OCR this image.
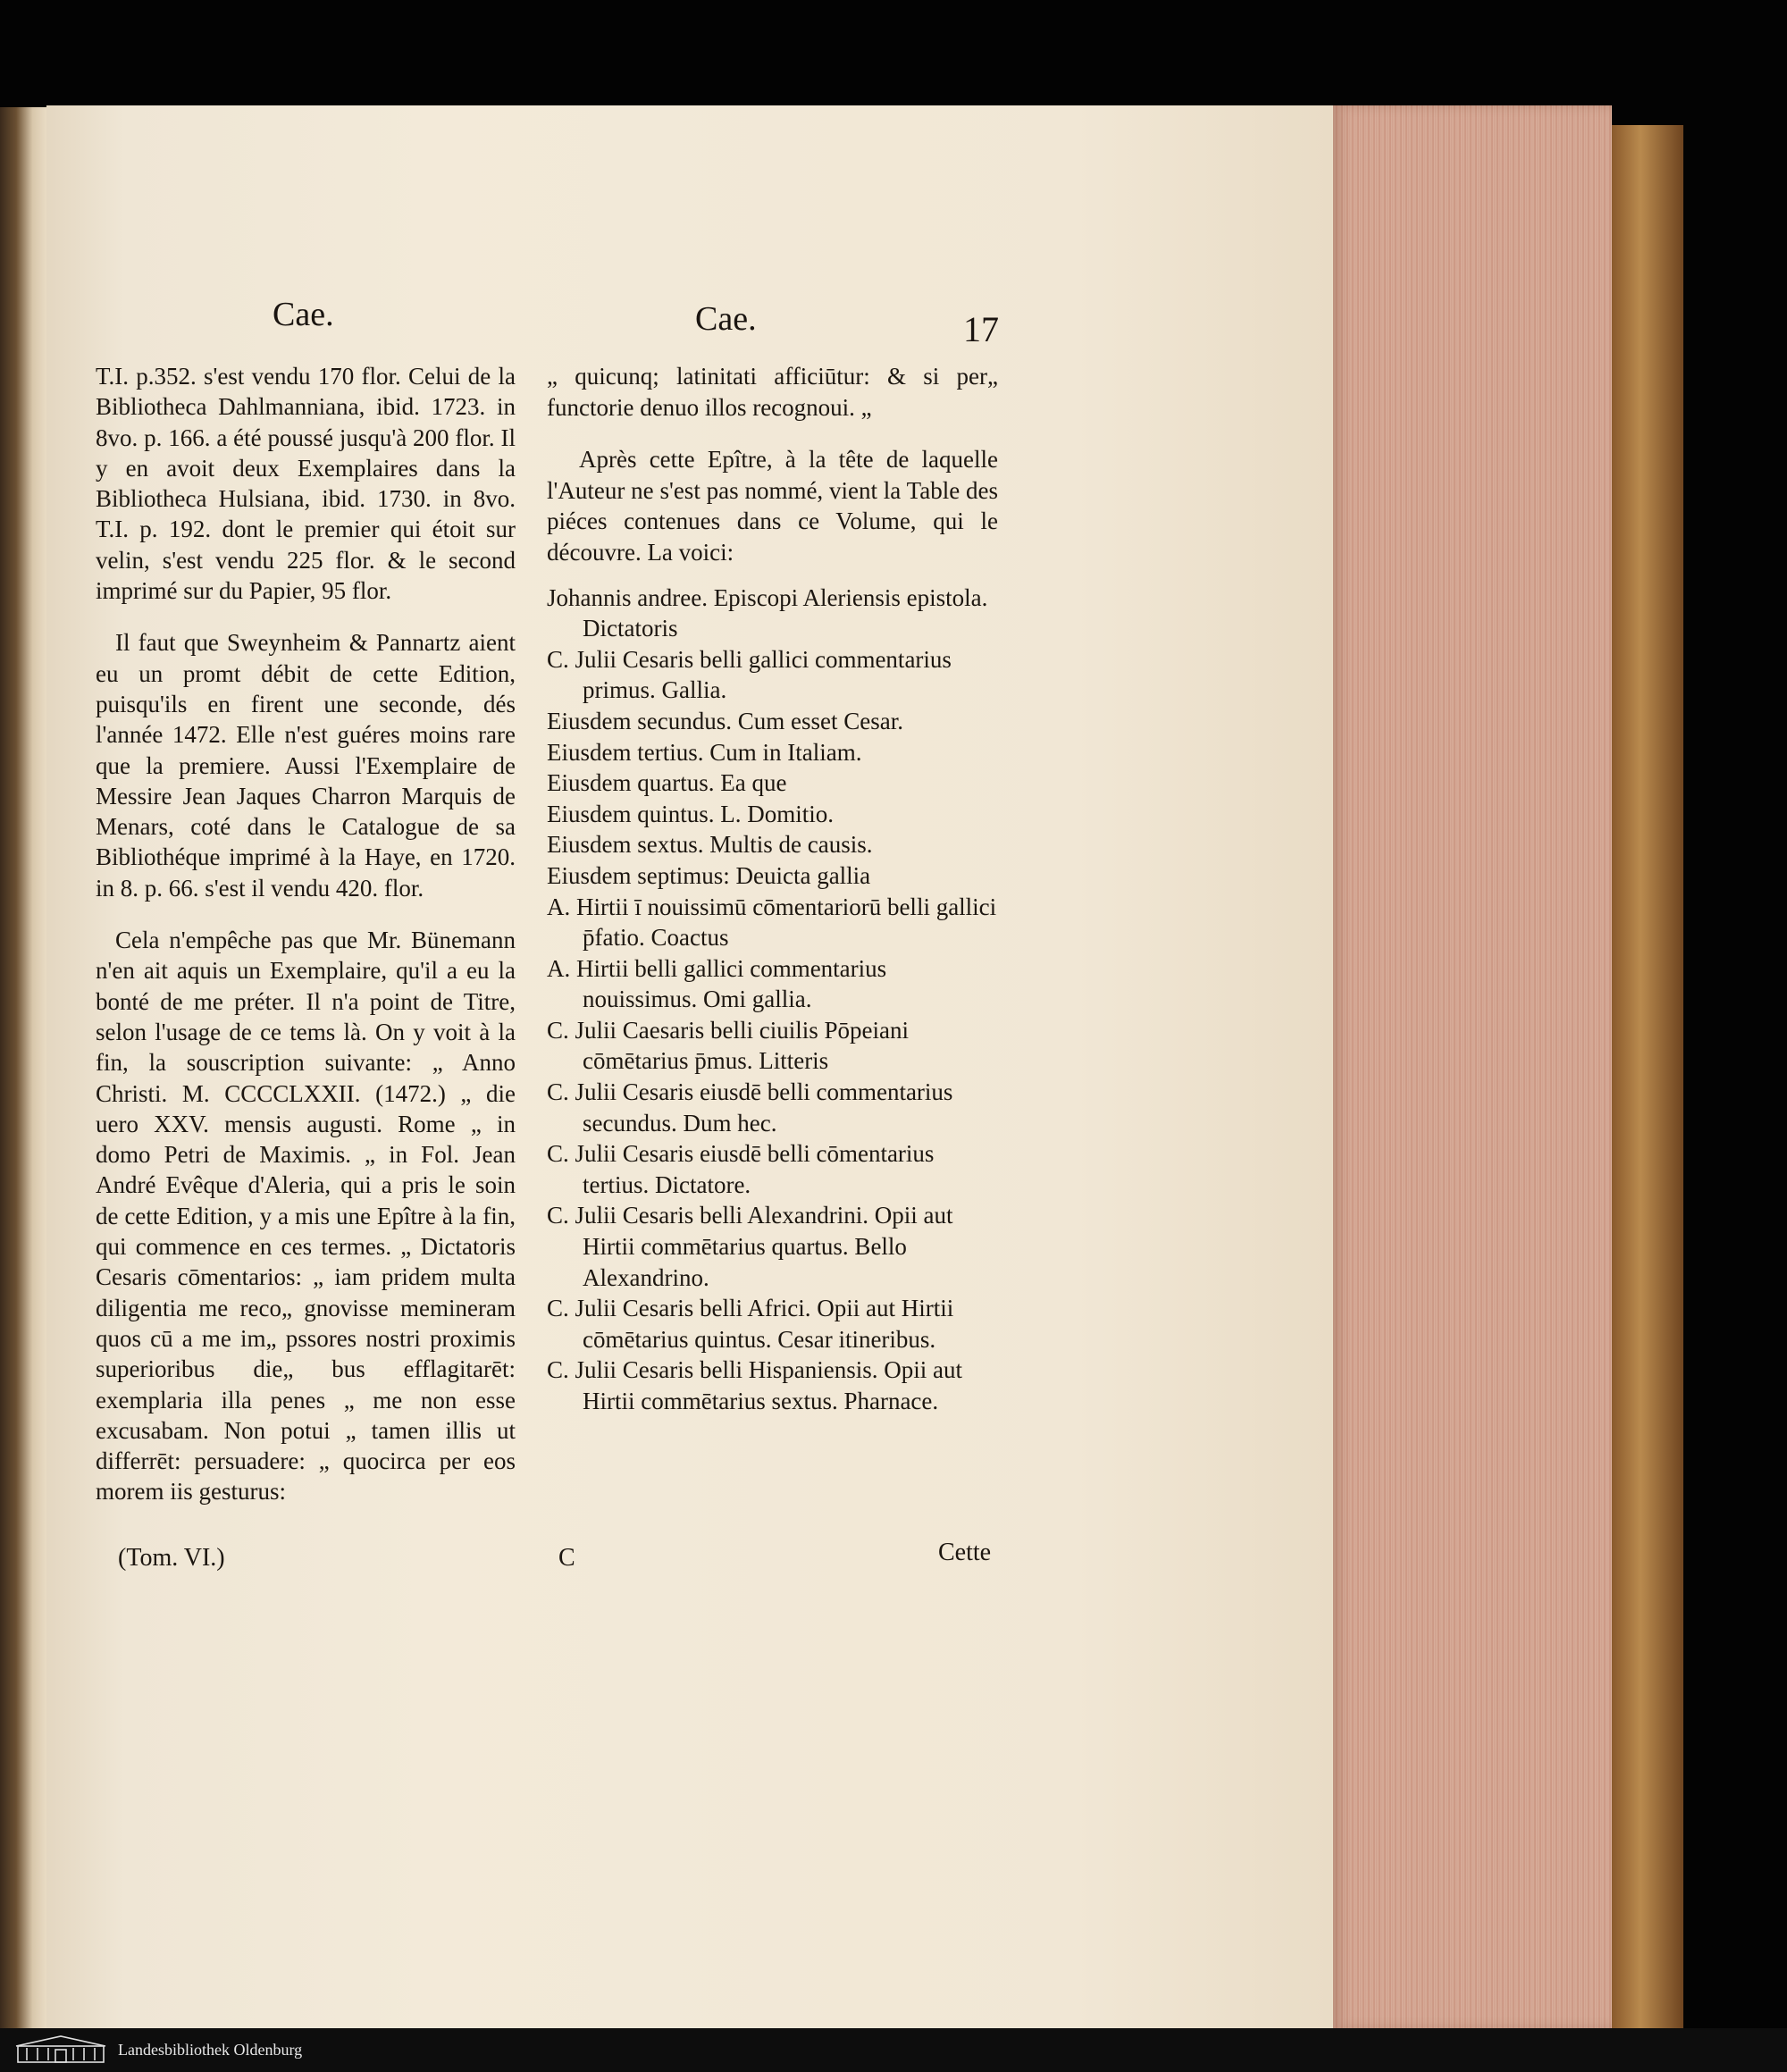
Cae.	Cae.	17

T.I. p.352. s'est vendu 170 flor. Celui de la Bibliotheca Dahlmanniana, ibid. 1723. in 8vo. p. 166. a été poussé jusqu'à 200 flor. Il y en avoit deux Exemplaires dans la Bibliotheca Hulsiana, ibid. 1730. in 8vo. T.I. p. 192. dont le premier qui étoit sur velin, s'est vendu 225 flor. & le second imprimé sur du Papier, 95 flor.

Il faut que Sweynheim & Pannartz aient eu un promt débit de cette Edition, puisqu'ils en firent une seconde, dés l'année 1472. Elle n'est guéres moins rare que la premiere. Aussi l'Exemplaire de Messire Jean Jaques Charron Marquis de Menars, coté dans le Catalogue de sa Bibliothéque imprimé à la Haye, en 1720. in 8. p. 66. s'est il vendu 420. flor.

Cela n'empêche pas que Mr. Bünemann n'en ait aquis un Exemplaire, qu'il a eu la bonté de me préter. Il n'a point de Titre, selon l'usage de ce tems là. On y voit à la fin, la souscription suivante: „ Anno Christi. M. CCCCLXXII. (1472.) „ die uero XXV. mensis augusti. Rome „ in domo Petri de Maximis. „ in Fol. Jean André Evêque d'Aleria, qui a pris le soin de cette Edition, y a mis une Epître à la fin, qui commence en ces termes. „ Dictatoris Cesaris cōmentarios: „ iam pridem multa diligentia me reco„ gnovisse memineram quos cū a me im„ pssores nostri proximis superioribus die„ bus efflagitarēt: exemplaria illa penes „ me non esse excusabam. Non potui „ tamen illis ut differrēt: persuadere: „ quocirca per eos morem iis gesturus:

(Tom. VI.)

„ quicunq; latinitati afficiūtur: & si per„ functorie denuo illos recognoui. „

Après cette Epître, à la tête de laquelle l'Auteur ne s'est pas nommé, vient la Table des piéces contenues dans ce Volume, qui le découvre. La voici:

Johannis andree. Episcopi Aleriensis epistola. Dictatoris

C. Julii Cesaris belli gallici commentarius primus. Gallia.

Eiusdem secundus. Cum esset Cesar.

Eiusdem tertius. Cum in Italiam.

Eiusdem quartus. Ea que

Eiusdem quintus. L. Domitio.

Eiusdem sextus. Multis de causis.

Eiusdem septimus: Deuicta gallia

A. Hirtii ī nouissimū cōmentariorū belli gallici p̄fatio. Coactus

A. Hirtii belli gallici commentarius nouissimus. Omi gallia.

C. Julii Caesaris belli ciuilis Pōpeiani cōmētarius p̄mus. Litteris

C. Julii Cesaris eiusdē belli commentarius secundus. Dum hec.

C. Julii Cesaris eiusdē belli cōmentarius tertius. Dictatore.

C. Julii Cesaris belli Alexandrini. Opii aut Hirtii commētarius quartus. Bello Alexandrino.

C. Julii Cesaris belli Africi. Opii aut Hirtii cōmētarius quintus. Cesar itineribus.

C. Julii Cesaris belli Hispaniensis. Opii aut Hirtii commētarius sextus. Pharnace.

C	Cette
Landesbibliothek Oldenburg
